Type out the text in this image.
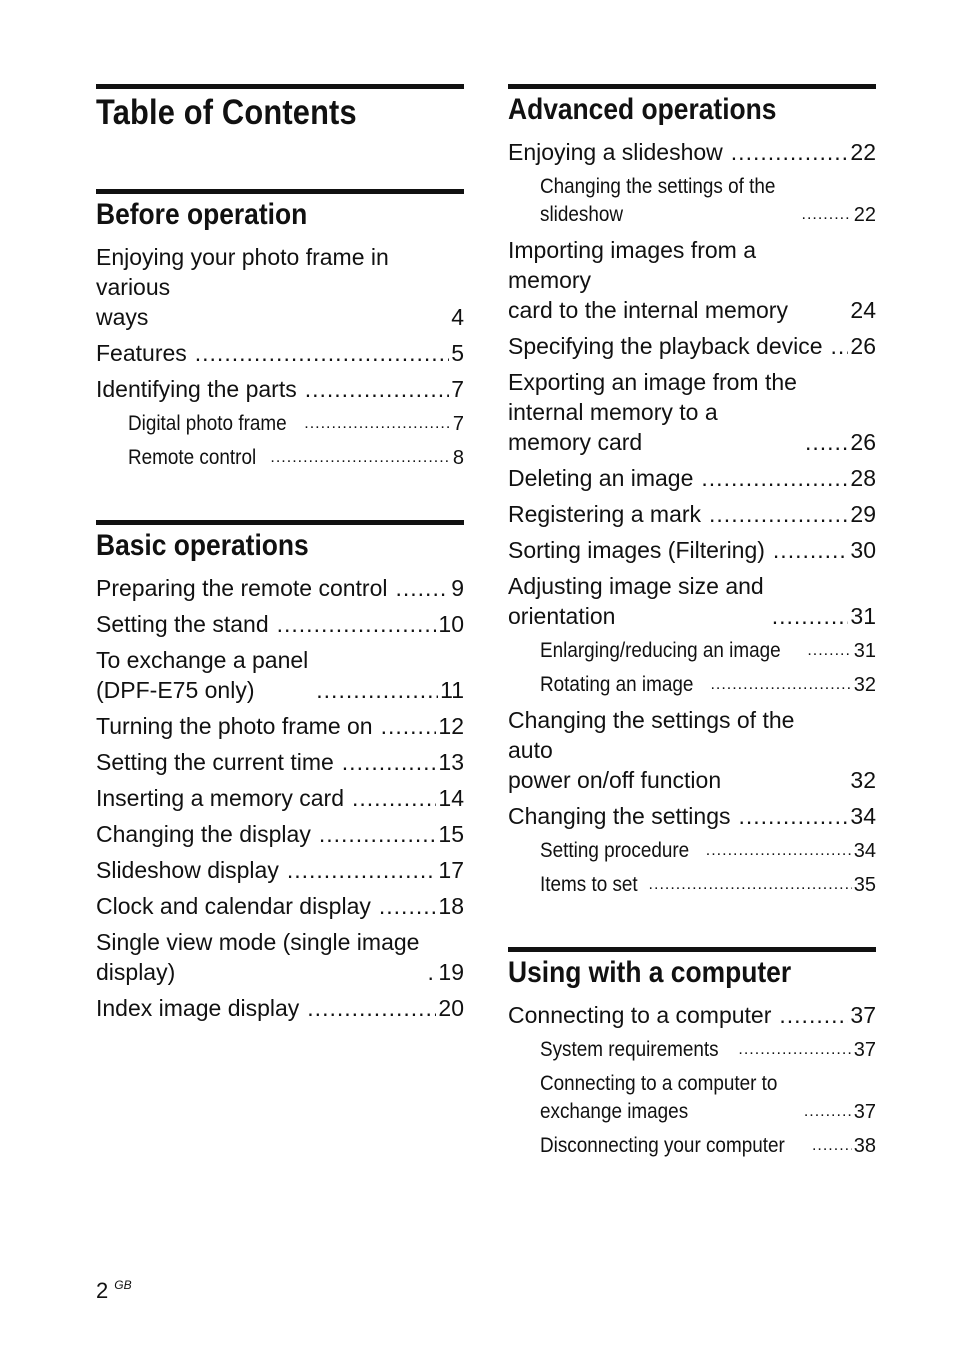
Table of Contents
Before operation
Enjoying your photo frame in various
ways	4
Features .....	5
Identifying the parts .....	7
Digital photo frame .....	7
Remote control .....	8
Basic operations
Preparing the remote control .....	9
Setting the stand .....	10
To exchange a panel
(DPF-E75 only) .....	11
Turning the photo frame on .....	12
Setting the current time .....	13
Inserting a memory card .....	14
Changing the display .....	15
Slideshow display .....	17
Clock and calendar display .....	18
Single view mode (single image
display) .....	19
Index image display .....	20
Advanced operations
Enjoying a slideshow .....	22
Changing the settings of the
slideshow .....	22
Importing images from a memory
card to the internal memory	24
Specifying the playback device ..... 26
Exporting an image from the
internal memory to a
memory card .....	26
Deleting an image .....	28
Registering a mark .....	29
Sorting images (Filtering) .....	30
Adjusting image size and
orientation .....	31
Enlarging/reducing an image .....	31
Rotating an image .....	32
Changing the settings of the auto
power on/off function	32
Changing the settings .....	34
Setting procedure .....	34
Items to set .....	35
Using with a computer
Connecting to a computer .....	37
System requirements .....	37
Connecting to a computer to
exchange images .....	37
Disconnecting your computer .....	38
2 $^{GB}$
